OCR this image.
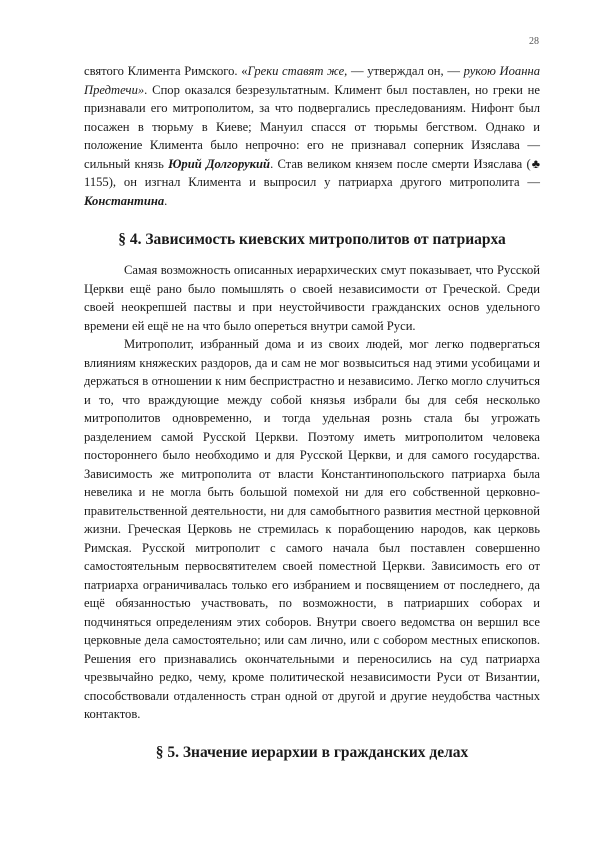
28

святого Климента Римского. «Греки ставят же, — утверждал он, — рукою Иоанна Предтечи». Спор оказался безрезультатным. Климент был поставлен, но греки не признавали его митрополитом, за что подвергались преследованиям. Нифонт был посажен в тюрьму в Киеве; Мануил спасся от тюрьмы бегством. Однако и положение Климента было непрочно: его не признавал соперник Изяслава — сильный князь Юрий Долгорукий. Став великом князем после смерти Изяслава (♣ 1155), он изгнал Климента и выпросил у патриарха другого митрополита — Константина.

§ 4. Зависимость киевских митрополитов от патриарха

Самая возможность описанных иерархических смут показывает, что Русской Церкви ещё рано было помышлять о своей независимости от Греческой. Среди своей неокрепшей паствы и при неустойчивости гражданских основ удельного времени ей ещё не на что было опереться внутри самой Руси.

Митрополит, избранный дома и из своих людей, мог легко подвергаться влияниям княжеских раздоров, да и сам не мог возвыситься над этими усобицами и держаться в отношении к ним беспристрастно и независимо. Легко могло случиться и то, что враждующие между собой князья избрали бы для себя несколько митрополитов одновременно, и тогда удельная рознь стала бы угрожать разделением самой Русской Церкви. Поэтому иметь митрополитом человека постороннего было необходимо и для Русской Церкви, и для самого государства. Зависимость же митрополита от власти Константинопольского патриарха была невелика и не могла быть большой помехой ни для его собственной церковно-правительственной деятельности, ни для самобытного развития местной церковной жизни. Греческая Церковь не стремилась к порабощению народов, как церковь Римская. Русской митрополит с самого начала был поставлен совершенно самостоятельным первосвятителем своей поместной Церкви. Зависимость его от патриарха ограничивалась только его избранием и посвящением от последнего, да ещё обязанностью участвовать, по возможности, в патриарших соборах и подчиняться определениям этих соборов. Внутри своего ведомства он вершил все церковные дела самостоятельно; или сам лично, или с собором местных епископов. Решения его признавались окончательными и переносились на суд патриарха чрезвычайно редко, чему, кроме политической независимости Руси от Византии, способствовали отдаленность стран одной от другой и другие неудобства частных контактов.

§ 5. Значение иерархии в гражданских делах
